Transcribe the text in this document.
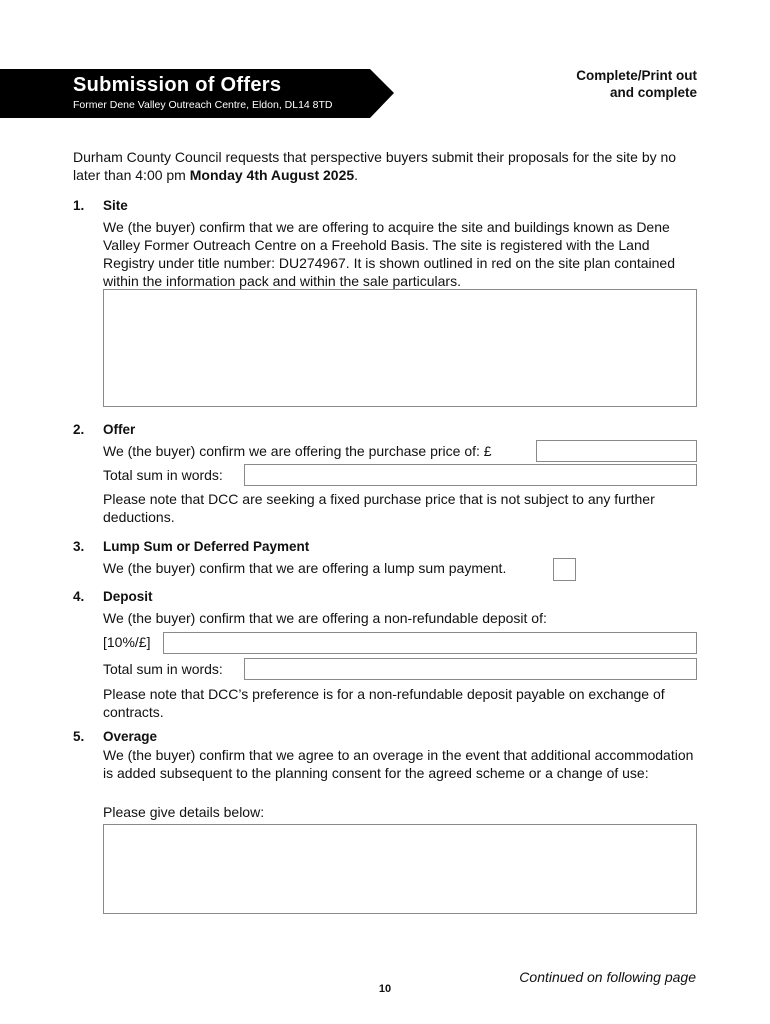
Submission of Offers
Former Dene Valley Outreach Centre, Eldon, DL14 8TD
Complete/Print out
and complete
Durham County Council requests that perspective buyers submit their proposals for the site by no later than 4:00 pm Monday 4th August 2025.
1. Site
We (the buyer) confirm that we are offering to acquire the site and buildings known as Dene Valley Former Outreach Centre on a Freehold Basis. The site is registered with the Land Registry under title number: DU274967. It is shown outlined in red on the site plan contained within the information pack and within the sale particulars.
2. Offer
We (the buyer) confirm we are offering the purchase price of: £
Total sum in words:
Please note that DCC are seeking a fixed purchase price that is not subject to any further deductions.
3. Lump Sum or Deferred Payment
We (the buyer) confirm that we are offering a lump sum payment.
4. Deposit
We (the buyer) confirm that we are offering a non-refundable deposit of:
[10%/£]
Total sum in words:
Please note that DCC’s preference is for a non-refundable deposit payable on exchange of contracts.
5. Overage
We (the buyer) confirm that we agree to an overage in the event that additional accommodation is added subsequent to the planning consent for the agreed scheme or a change of use:
Please give details below:
Continued on following page
10
